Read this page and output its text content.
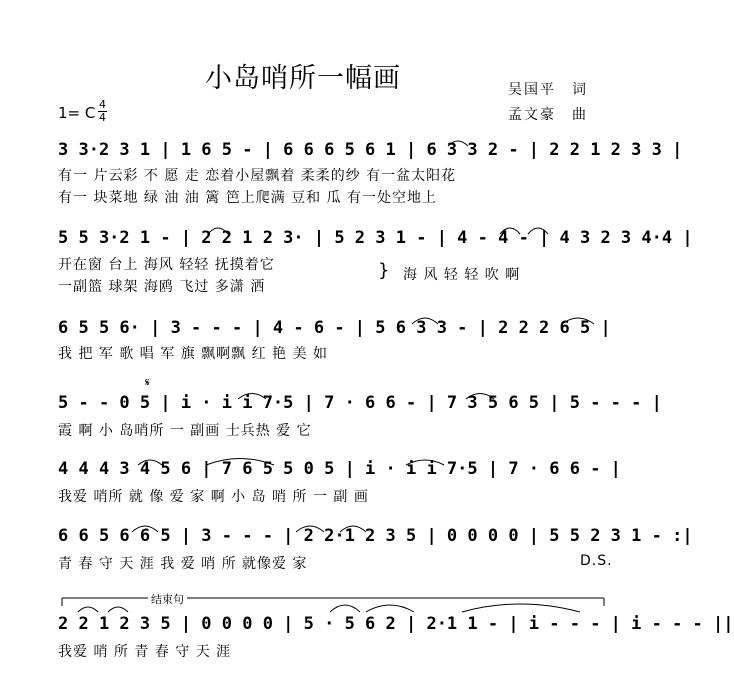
小岛哨所一幅画	吴国平　词
孟文豪　曲
1= C 4
4
3 3·2 3 1 | 1 6 5 - | 6 6 6 5 6 1 | 6 3 3 2 - | 2 2 1 2 3 3 |
有一 片云彩 不 愿 走 恋着小屋飘着 柔柔的纱 有一盆太阳花
有一 块菜地 绿 油 油 篱 笆上爬满 豆和 瓜 有一处空地上
5 5 3·2 1 - | 2 2 1 2 3· | 5 2 3 1 - | 4 - 4 - | 4 3 2 3 4·4 |
开在窗 台上 海风 轻轻 抚摸着它
一副篮 球架 海鸥 飞过 多潇 洒
} 海 风 轻 轻 吹 啊
6 5 5 6· | 3 - - - | 4 - 6 - | 5 6 3 3 - | 2 2 2 6 5 |
我 把 军 歌 唱 军 旗 飘啊飘 红 艳 美 如
5 - - 0 5 | i · i i 7·5 | 7 · 6 6 - | 7 3 5 6 5 | 5 - - - |
霞 啊 小 岛哨所 一 副画 士兵热 爱 它
𝄋
4 4 4 3 4 5 6 | 7 6 5 5 0 5 | i · i i 7·5 | 7 · 6 6 - |
我爱 哨所 就 像 爱 家 啊 小 岛 哨 所 一 副 画
6 6 5 6 6 5 | 3 - - - | 2 2·1 2 3 5 | 0 0 0 0 | 5 5 2 3 1 - :|
青 春 守 天 涯 我 爱 哨 所 就像爱 家	D.S.
结束句
2 2 1 2 3 5 | 0 0 0 0 | 5 · 5 6 2 | 2·1 1 - | i - - - | i - - - ||
我爱 哨 所 青 春 守 天 涯
